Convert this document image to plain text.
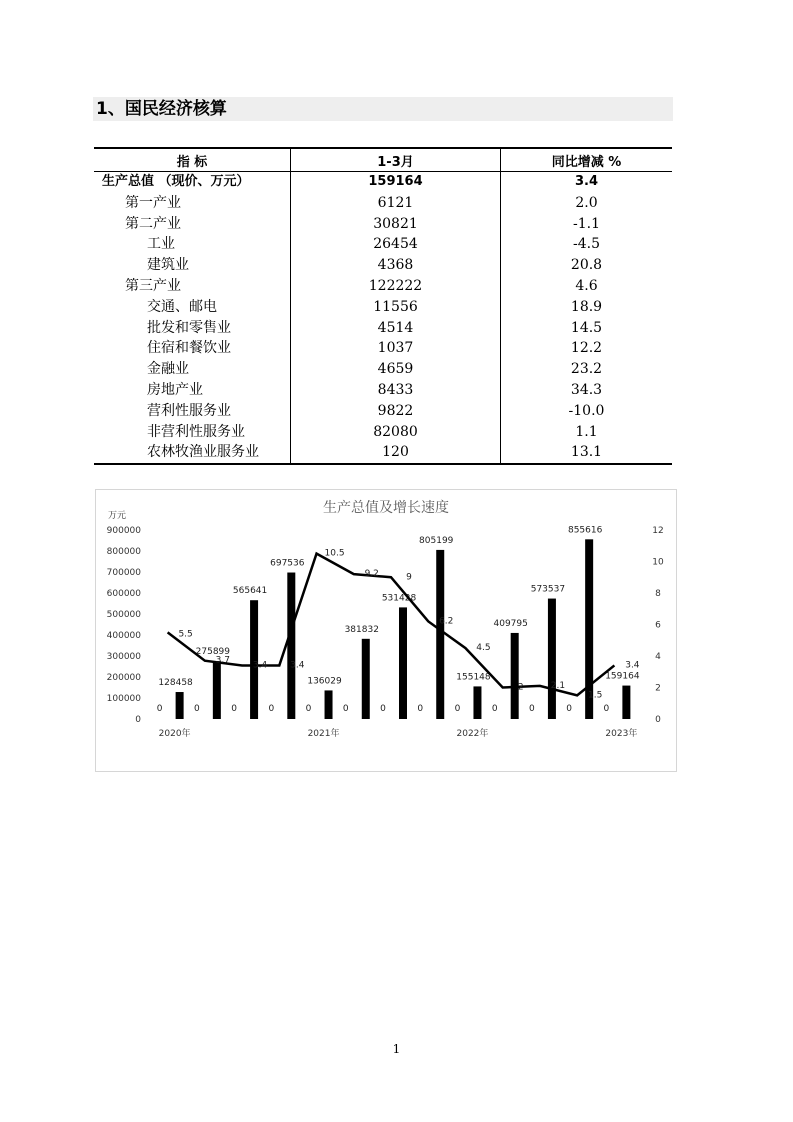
1、国民经济核算
指 标	1-3月	同比增减 %
生产总值 （现价、万元）	159164	3.4
第一产业	6121	2.0
第二产业	30821	-1.1
工业	26454	-4.5
建筑业	4368	20.8
第三产业	122222	4.6
交通、邮电	11556	18.9
批发和零售业	4514	14.5
住宿和餐饮业	1037	12.2
金融业	4659	23.2
房地产业	8433	34.3
营利性服务业	9822	-10.0
非营利性服务业	82080	1.1
农林牧渔业服务业	120	13.1
生产总值及增长速度
万元
0
100000
200000
300000
400000
500000
600000
700000
800000
900000
0
2
4
6
8
10
12
128458
0
275899
0
565641
0
697536
0
136029
0
381832
0
531428
0
805199
0
155148
0
409795
0
573537
0
855616
0
159164
0
5.5
3.7	3.4	3.4
10.5
9.2	9
6.2
4.5
2	2.1
1.5
3.4
2020年	2021年	2022年	2023年
1
